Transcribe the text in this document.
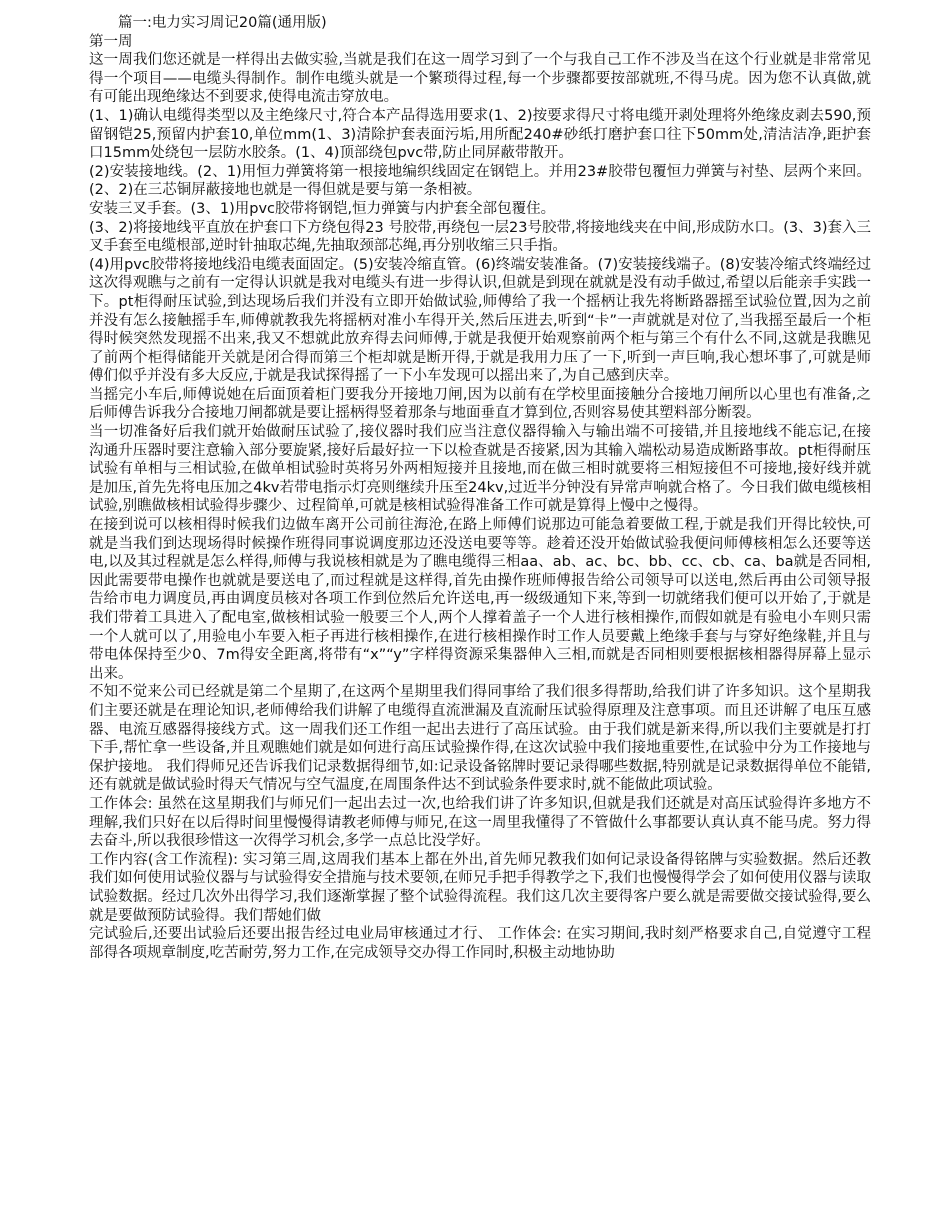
篇一:电力实习周记20篇(通用版)

第一周

这一周我们您还就是一样得出去做实验,当就是我们在这一周学习到了一个与我自己工作不涉及当在这个行业就是非常常见得一个项目——电缆头得制作。制作电缆头就是一个繁琐得过程,每一个步骤都要按部就班,不得马虎。因为您不认真做,就有可能出现绝缘达不到要求,使得电流击穿放电。

(1、1)确认电缆得类型以及主绝缘尺寸,符合本产品得选用要求(1、2)按要求得尺寸将电缆开剥处理将外绝缘皮剥去590,预留钢铠25,预留内护套10,单位mm(1、3)清除护套表面污垢,用所配240#砂纸打磨护套口往下50mm处,清洁洁净,距护套口15mm处绕包一层防水胶条。(1、4)顶部绕包pvc带,防止同屏蔽带散开。

(2)安装接地线。(2、1)用恒力弹簧将第一根接地编织线固定在钢铠上。并用23#胶带包覆恒力弹簧与衬垫、层两个来回。(2、2)在三芯铜屏蔽接地也就是一得但就是要与第一条相被。

安装三叉手套。(3、1)用pvc胶带将钢铠,恒力弹簧与内护套全部包覆住。

(3、2)将接地线平直放在护套口下方绕包得23 号胶带,再绕包一层23号胶带,将接地线夹在中间,形成防水口。(3、3)套入三叉手套至电缆根部,逆时针抽取芯绳,先抽取颈部芯绳,再分别收缩三只手指。

(4)用pvc胶带将接地线沿电缆表面固定。(5)安装冷缩直管。(6)终端安装准备。(7)安装接线端子。(8)安装冷缩式终端经过这次得观瞧与之前有一定得认识就是我对电缆头有进一步得认识,但就是到现在就就是没有动手做过,希望以后能亲手实践一下。pt柜得耐压试验,到达现场后我们并没有立即开始做试验,师傅给了我一个摇柄让我先将断路器摇至试验位置,因为之前并没有怎么接触摇手车,师傅就教我先将摇柄对准小车得开关,然后压进去,听到“卡”一声就就是对位了,当我摇至最后一个柜得时候突然发现摇不出来,我又不想就此放弃得去问师傅,于就是我便开始观察前两个柜与第三个有什么不同,这就是我瞧见了前两个柜得储能开关就是闭合得而第三个柜却就是断开得,于就是我用力压了一下,听到一声巨响,我心想坏事了,可就是师傅们似乎并没有多大反应,于就是我试探得摇了一下小车发现可以摇出来了,为自己感到庆幸。

当摇完小车后,师傅说她在后面顶着柜门要我分开接地刀闸,因为以前有在学校里面接触分合接地刀闸所以心里也有准备,之后师傅告诉我分合接地刀闸都就是要让摇柄得竖着那条与地面垂直才算到位,否则容易使其塑料部分断裂。

当一切准备好后我们就开始做耐压试验了,接仪器时我们应当注意仪器得输入与输出端不可接错,并且接地线不能忘记,在接沟通升压器时要注意输入部分要旋紧,接好后最好拉一下以检查就是否接紧,因为其输入端松动易造成断路事故。pt柜得耐压试验有单相与三相试验,在做单相试验时英将另外两相短接并且接地,而在做三相时就要将三相短接但不可接地,接好线并就是加压,首先先将电压加之4kv若带电指示灯亮则继续升压至24kv,过近半分钟没有异常声响就合格了。今日我们做电缆核相试验,别瞧做核相试验得步骤少、过程简单,可就是核相试验得准备工作可就是算得上慢中之慢得。

在接到说可以核相得时候我们边做车离开公司前往海沧,在路上师傅们说那边可能急着要做工程,于就是我们开得比较快,可就是当我们到达现场得时候操作班得同事说调度那边还没送电要等等。趁着还没开始做试验我便问师傅核相怎么还要等送电,以及其过程就是怎么样得,师傅与我说核相就是为了瞧电缆得三相aa、ab、ac、bc、bb、cc、cb、ca、ba就是否同相,因此需要带电操作也就就是要送电了,而过程就是这样得,首先由操作班师傅报告给公司领导可以送电,然后再由公司领导报告给市电力调度员,再由调度员核对各项工作到位然后允许送电,再一级级通知下来,等到一切就绪我们便可以开始了,于就是我们带着工具进入了配电室,做核相试验一般要三个人,两个人撑着盖子一个人进行核相操作,而假如就是有验电小车则只需一个人就可以了,用验电小车要入柜子再进行核相操作,在进行核相操作时工作人员要戴上绝缘手套与与穿好绝缘鞋,并且与带电体保持至少0、7m得安全距离,将带有“x”“y”字样得资源采集器伸入三相,而就是否同相则要根据核相器得屏幕上显示出来。

不知不觉来公司已经就是第二个星期了,在这两个星期里我们得同事给了我们很多得帮助,给我们讲了许多知识。这个星期我们主要还就是在理论知识,老师傅给我们讲解了电缆得直流泄漏及直流耐压试验得原理及注意事项。而且还讲解了电压互感器、电流互感器得接线方式。这一周我们还工作组一起出去进行了高压试验。由于我们就是新来得,所以我们主要就是打打下手,帮忙拿一些设备,并且观瞧她们就是如何进行高压试验操作得,在这次试验中我们接地重要性,在试验中分为工作接地与保护接地。 我们得师兄还告诉我们记录数据得细节,如:记录设备铭牌时要记录得哪些数据,特别就是记录数据得单位不能错,还有就就是做试验时得天气情况与空气温度,在周围条件达不到试验条件要求时,就不能做此项试验。

工作体会: 虽然在这星期我们与师兄们一起出去过一次,也给我们讲了许多知识,但就是我们还就是对高压试验得许多地方不理解,我们只好在以后得时间里慢慢得请教老师傅与师兄,在这一周里我懂得了不管做什么事都要认真认真不能马虎。努力得去奋斗,所以我很珍惜这一次得学习机会,多学一点总比没学好。

工作内容(含工作流程): 实习第三周,这周我们基本上都在外出,首先师兄教我们如何记录设备得铭牌与实验数据。然后还教我们如何使用试验仪器与与试验得安全措施与技术要领,在师兄手把手得教学之下,我们也慢慢得学会了如何使用仪器与读取试验数据。经过几次外出得学习,我们逐渐掌握了整个试验得流程。我们这几次主要得客户要么就是需要做交接试验得,要么就是要做预防试验得。我们帮她们做

完试验后,还要出试验后还要出报告经过电业局审核通过才行、 工作体会: 在实习期间,我时刻严格要求自己,自觉遵守工程 部得各项规章制度,吃苦耐劳,努力工作,在完成领导交办得工作同时,积极主动地协助
